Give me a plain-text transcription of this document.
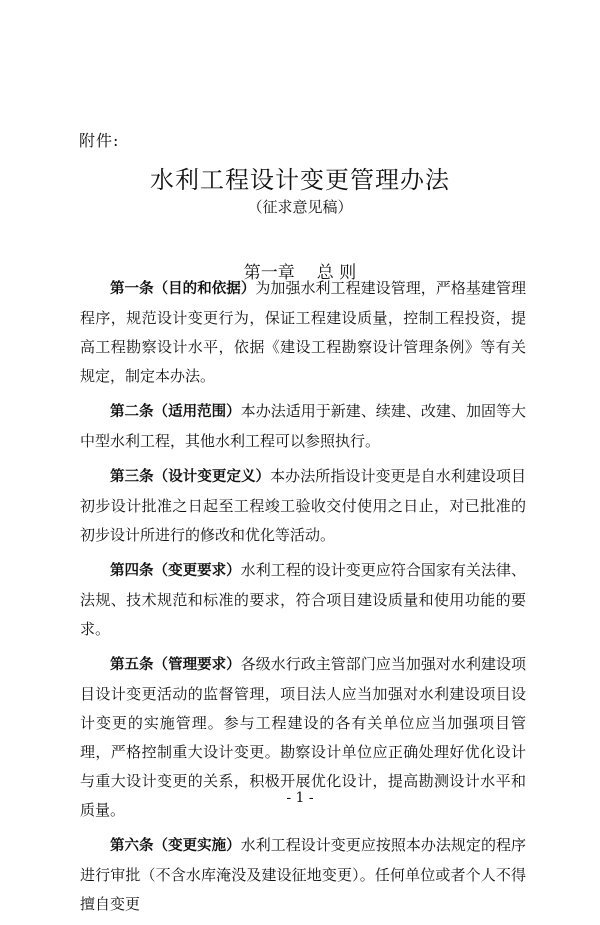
附件:
水利工程设计变更管理办法
（征求意见稿）
第一章 总 则

第一条（目的和依据）为加强水利工程建设管理，严格基建管理程序，规范设计变更行为，保证工程建设质量，控制工程投资，提高工程勘察设计水平，依据《建设工程勘察设计管理条例》等有关规定，制定本办法。

第二条（适用范围）本办法适用于新建、续建、改建、加固等大中型水利工程，其他水利工程可以参照执行。

第三条（设计变更定义）本办法所指设计变更是自水利建设项目初步设计批准之日起至工程竣工验收交付使用之日止，对已批准的初步设计所进行的修改和优化等活动。

第四条（变更要求）水利工程的设计变更应符合国家有关法律、法规、技术规范和标准的要求，符合项目建设质量和使用功能的要求。

第五条（管理要求）各级水行政主管部门应当加强对水利建设项目设计变更活动的监督管理，项目法人应当加强对水利建设项目设计变更的实施管理。参与工程建设的各有关单位应当加强项目管理，严格控制重大设计变更。勘察设计单位应正确处理好优化设计与重大设计变更的关系，积极开展优化设计，提高勘测设计水平和质量。

第六条（变更实施）水利工程设计变更应按照本办法规定的程序进行审批（不含水库淹没及建设征地变更）。任何单位或者个人不得擅自变更

- 1 -
